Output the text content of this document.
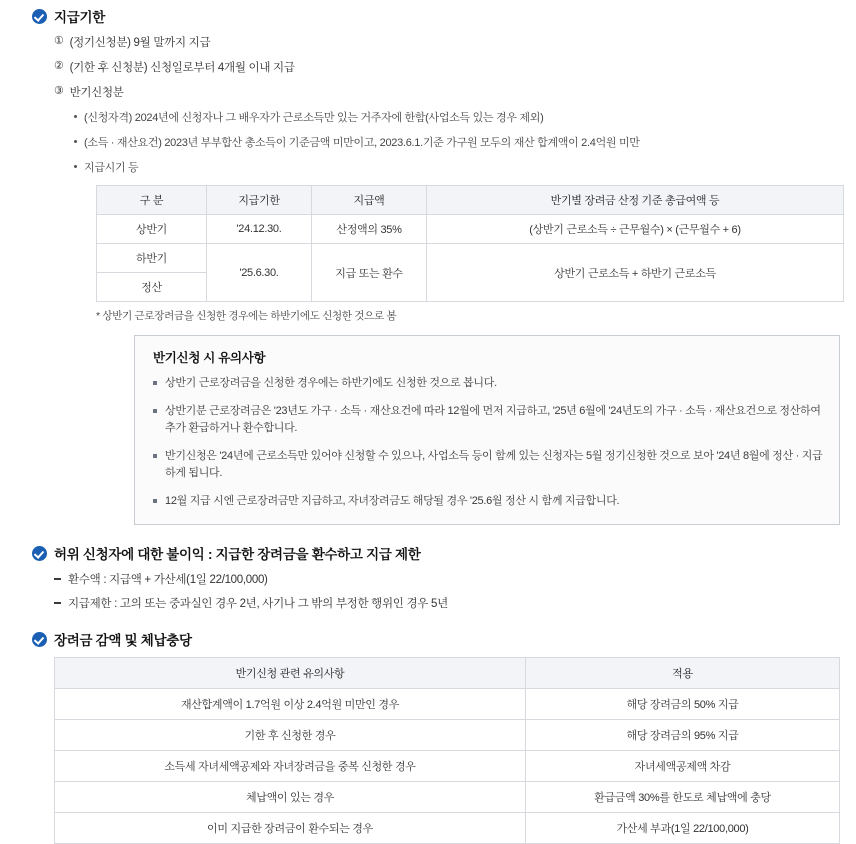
지급기한
① (정기신청분) 9월 말까지 지급
② (기한 후 신청분) 신청일로부터 4개월 이내 지급
③ 반기신청분
(신청자격) 2024년에 신청자나 그 배우자가 근로소득만 있는 거주자에 한함(사업소득 있는 경우 제외)
(소득 · 재산요건) 2023년 부부합산 총소득이 기준금액 미만이고, 2023.6.1.기준 가구원 모두의 재산 합계액이 2.4억원 미만
지급시기 등
구 분	지급기한	지급액	반기별 장려금 산정 기준 총급여액 등
상반기	'24.12.30.	산정액의 35%	(상반기 근로소득 ÷ 근무월수) × (근무월수 + 6)
하반기	'25.6.30.	지급 또는 환수	상반기 근로소득 + 하반기 근로소득
정산			
* 상반기 근로장려금을 신청한 경우에는 하반기에도 신청한 것으로 봄
반기신청 시 유의사항
상반기 근로장려금을 신청한 경우에는 하반기에도 신청한 것으로 봅니다.
상반기분 근로장려금은 '23년도 가구 · 소득 · 재산요건에 따라 12월에 먼저 지급하고, '25년 6월에 '24년도의 가구 · 소득 · 재산요건으로 정산하여 추가 환급하거나 환수합니다.
반기신청은 '24년에 근로소득만 있어야 신청할 수 있으나, 사업소득 등이 함께 있는 신청자는 5월 정기신청한 것으로 보아 '24년 8월에 정산 · 지급하게 됩니다.
12월 지급 시엔 근로장려금만 지급하고, 자녀장려금도 해당될 경우 '25.6월 정산 시 함께 지급합니다.
허위 신청자에 대한 불이익 : 지급한 장려금을 환수하고 지급 제한
환수액 : 지급액 + 가산세(1일 22/100,000)
지급제한 : 고의 또는 중과실인 경우 2년, 사기나 그 밖의 부정한 행위인 경우 5년
장려금 감액 및 체납충당
반기신청 관련 유의사항	적용
재산합계액이 1.7억원 이상 2.4억원 미만인 경우	해당 장려금의 50% 지급
기한 후 신청한 경우	해당 장려금의 95% 지급
소득세 자녀세액공제와 자녀장려금을 중복 신청한 경우	자녀세액공제액 차감
체납액이 있는 경우	환급금액 30%를 한도로 체납액에 충당
이미 지급한 장려금이 환수되는 경우	가산세 부과(1일 22/100,000)
